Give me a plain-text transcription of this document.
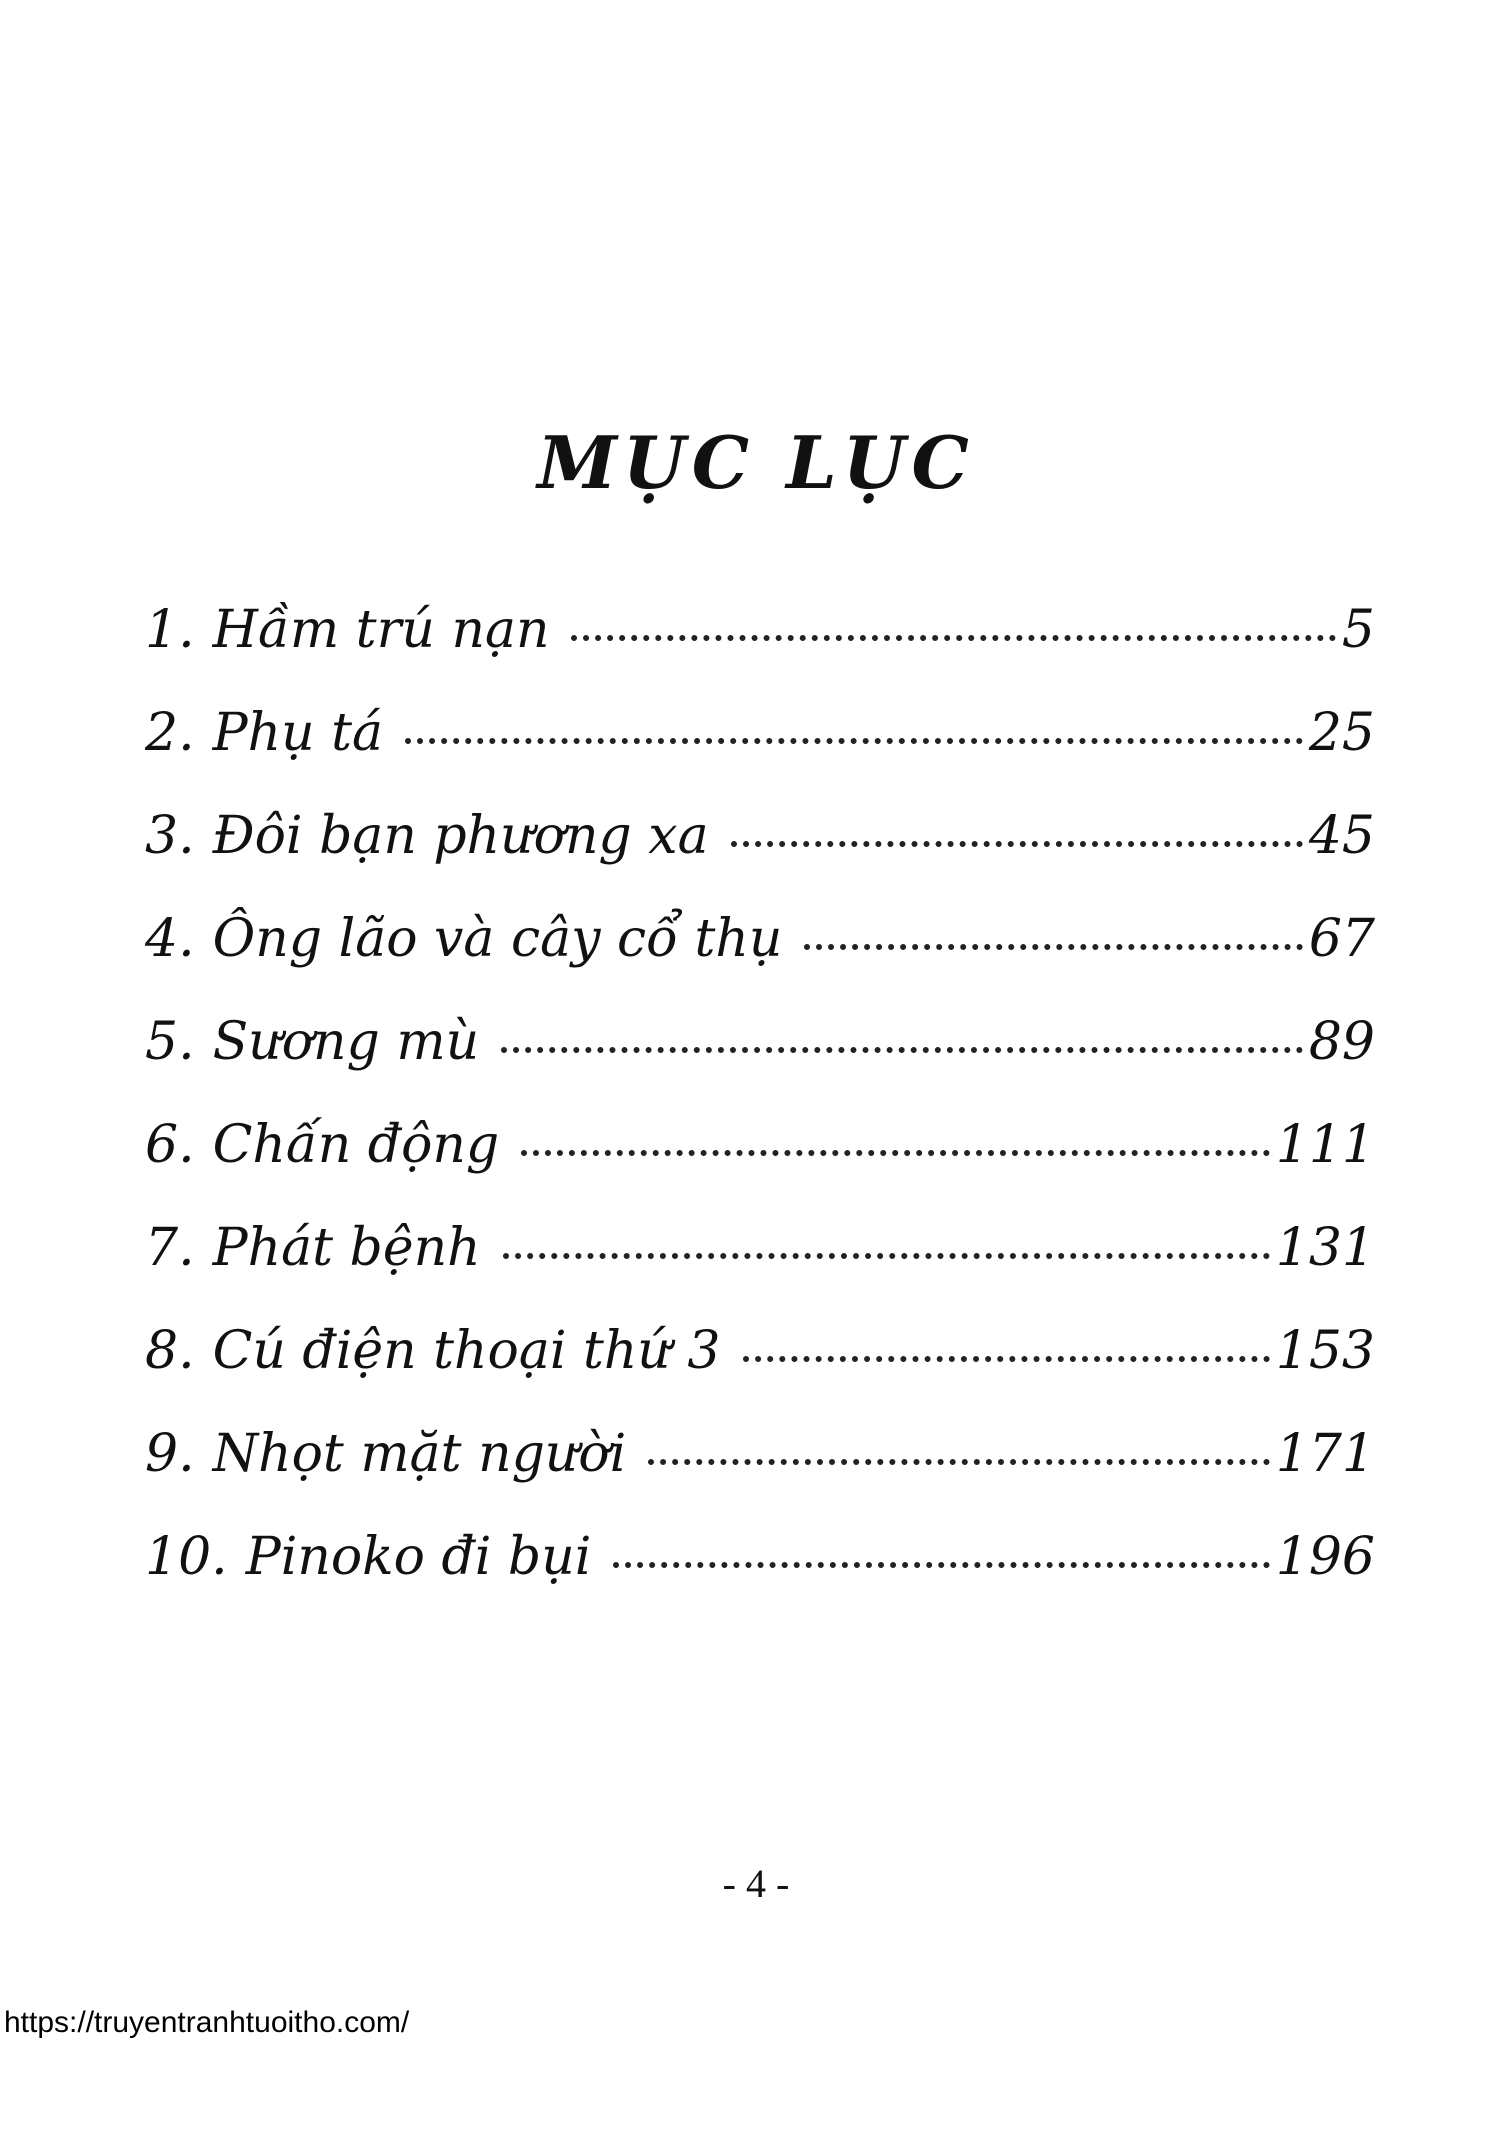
MỤC LỤC
1. Hầm trú nạn	5
2. Phụ tá	25
3. Đôi bạn phương xa	45
4. Ông lão và cây cổ thụ	67
5. Sương mù	89
6. Chấn động	111
7. Phát bệnh	131
8. Cú điện thoại thứ 3	153
9. Nhọt mặt người	171
10. Pinoko đi bụi	196
- 4 -
https://truyentranhtuoitho.com/
